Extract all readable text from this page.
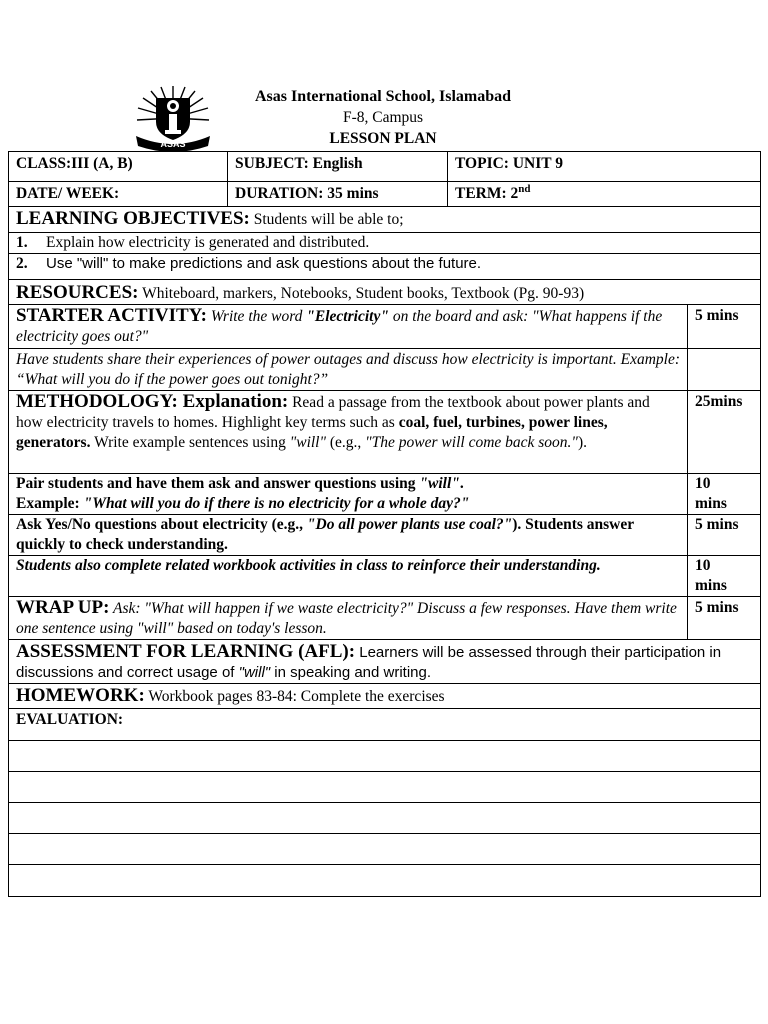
ASAS
Asas International School, Islamabad
F-8, Campus
LESSON PLAN
CLASS:III (A, B)	SUBJECT: English	TOPIC: UNIT 9	
DATE/ WEEK:	DURATION: 35 mins	TERM: 2nd
LEARNING OBJECTIVES: Students will be able to;			
1. Explain how electricity is generated and distributed.			
2. Use "will" to make predictions and ask questions about the future.			
RESOURCES: Whiteboard, markers, Notebooks, Student books, Textbook (Pg. 90-93)			
STARTER ACTIVITY: Write the word "Electricity" on the board and ask: "What happens if the electricity goes out?"			5 mins
Have students share their experiences of power outages and discuss how electricity is important. Example: “What will you do if the power goes out tonight?”			
METHODOLOGY: Explanation: Read a passage from the textbook about power plants and how electricity travels to homes. Highlight key terms such as coal, fuel, turbines, power lines, generators. Write example sentences using "will" (e.g., "The power will come back soon.").			25mins
Pair students and have them ask and answer questions using "will".
Example: "What will you do if there is no electricity for a whole day?"			10
mins
Ask Yes/No questions about electricity (e.g., "Do all power plants use coal?"). Students answer quickly to check understanding.			5 mins
Students also complete related workbook activities in class to reinforce their understanding.			10
mins
WRAP UP: Ask: "What will happen if we waste electricity?" Discuss a few responses. Have them write one sentence using "will" based on today's lesson.			5 mins
ASSESSMENT FOR LEARNING (AFL): Learners will be assessed through their participation in discussions and correct usage of "will" in speaking and writing.			
HOMEWORK: Workbook pages 83-84: Complete the exercises			
EVALUATION:			
